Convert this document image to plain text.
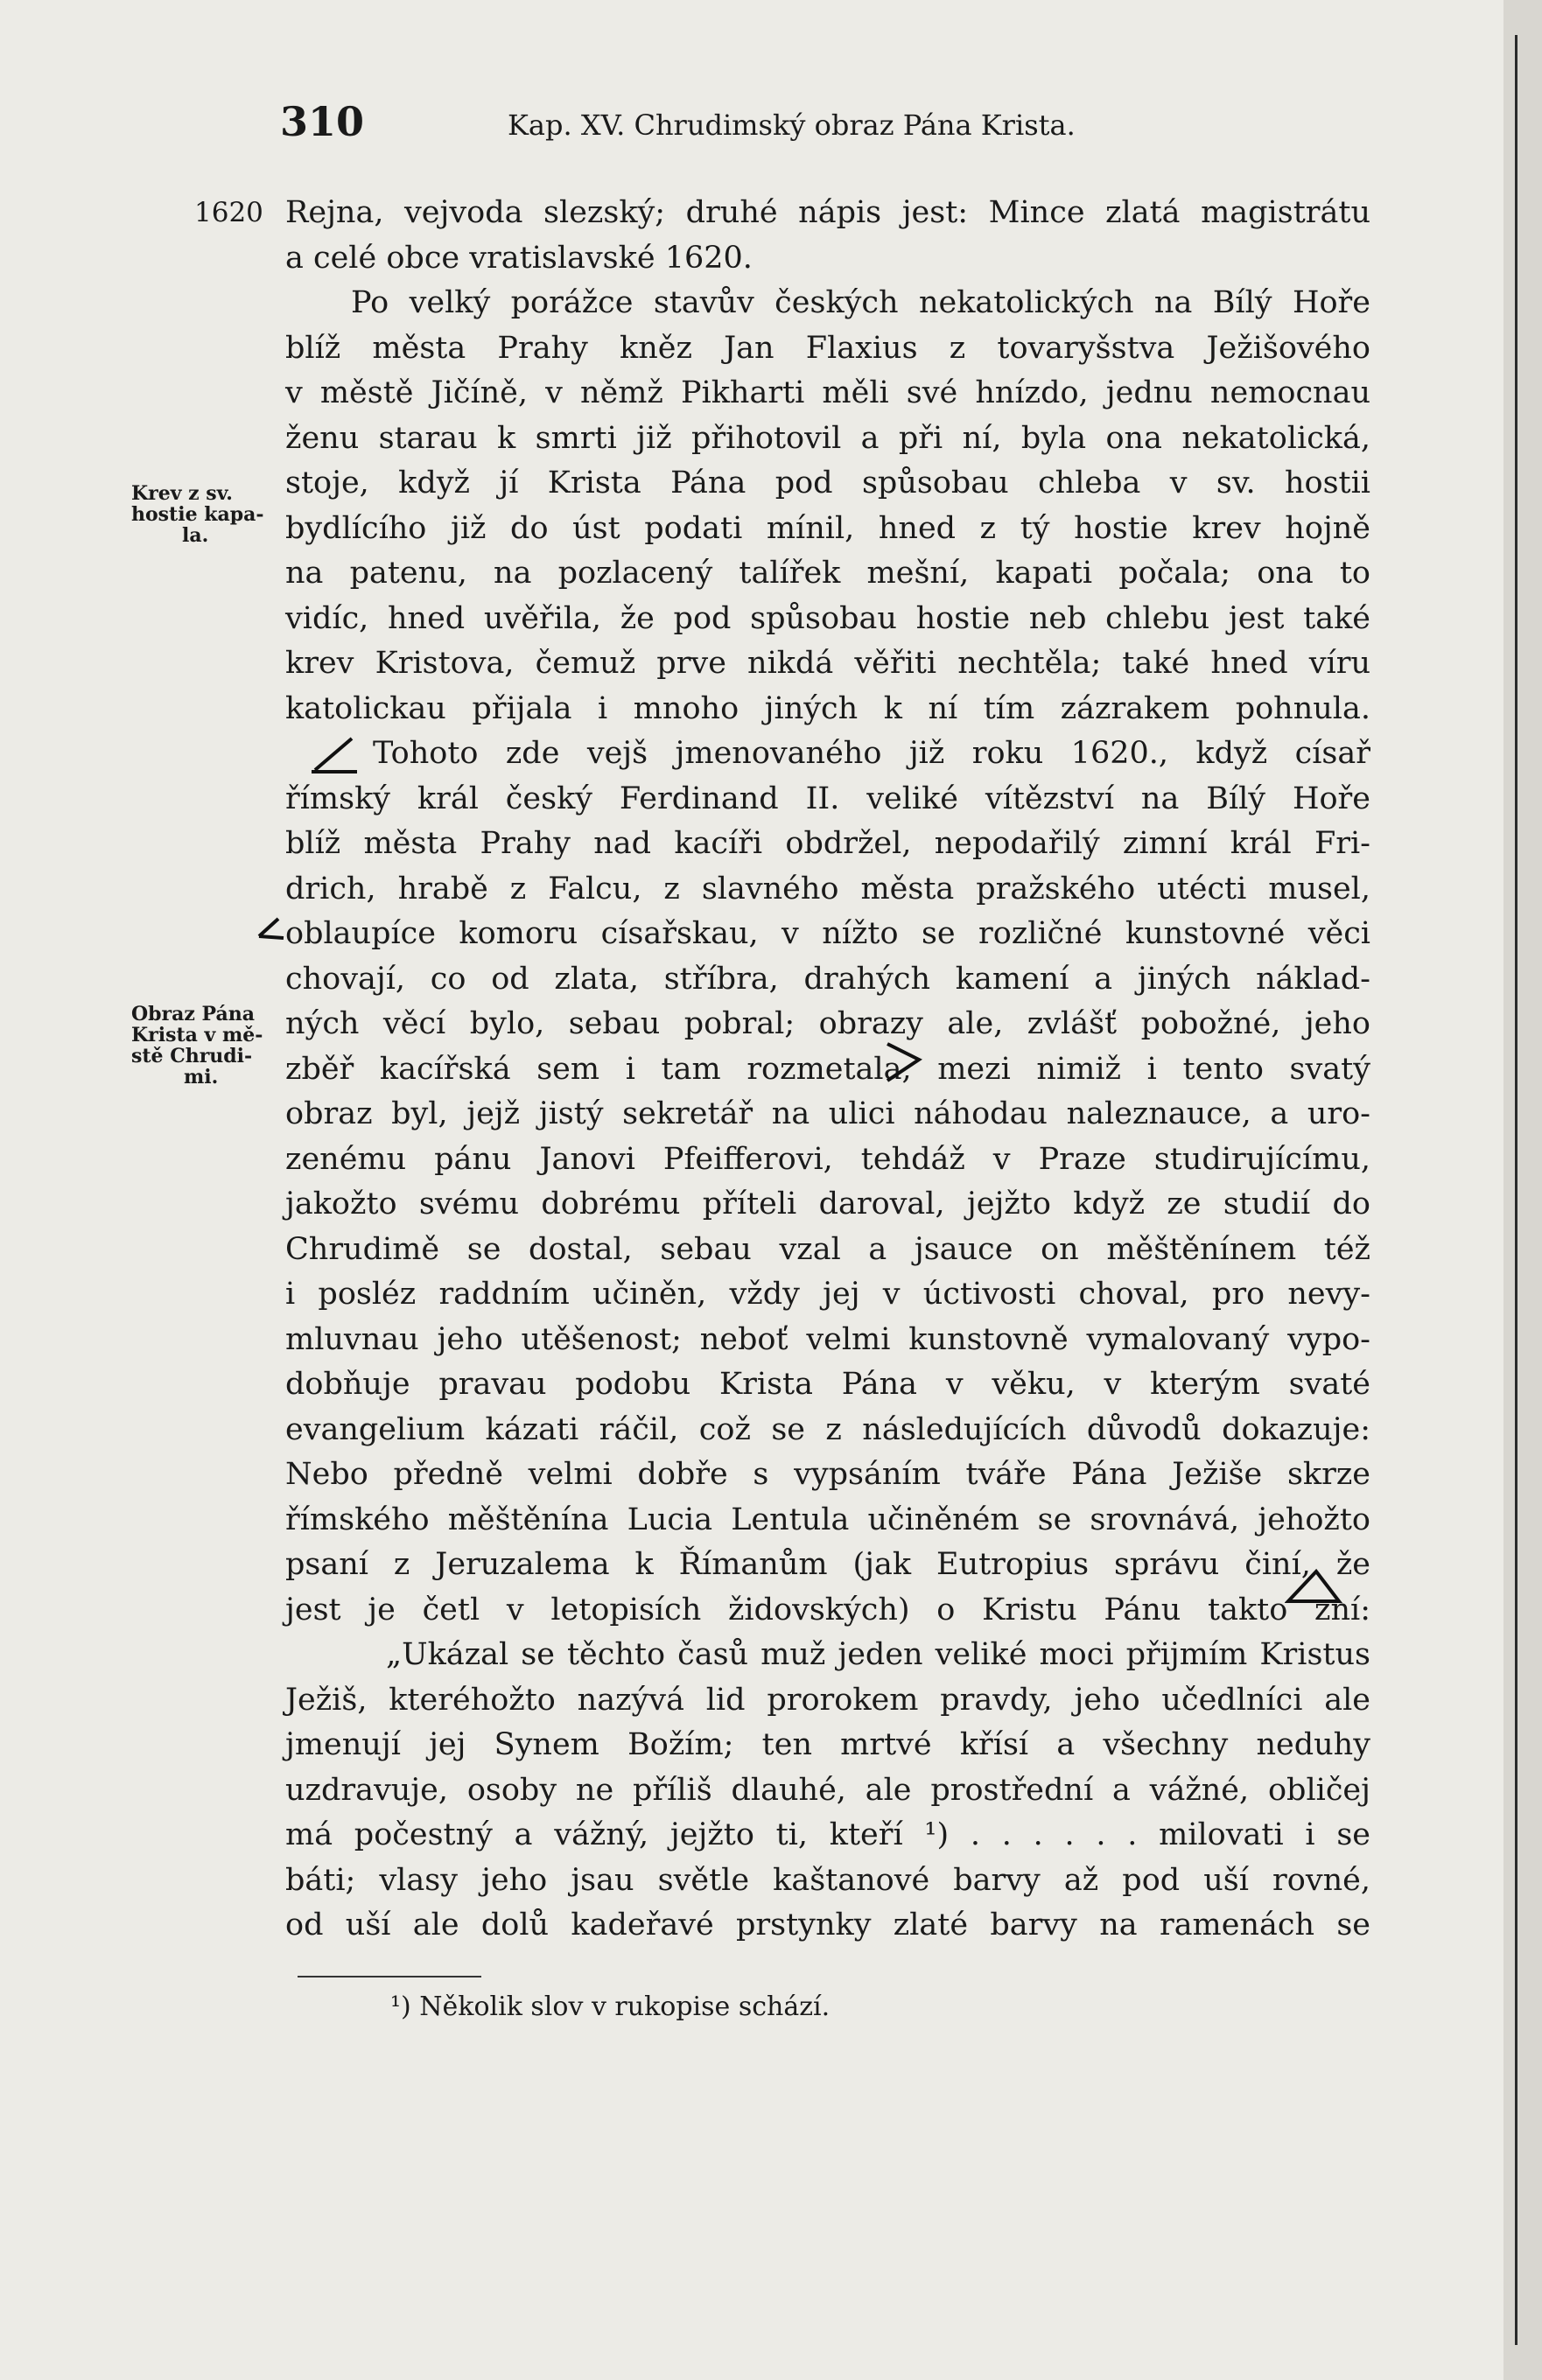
310	Kap. XV. Chrudimský obraz Pána Krista.
1620
Krev z sv.
hostie kapa-
la.
Obraz Pána
Krista v mě-
stě Chrudi-
mi.
Rejna, vejvoda slezský; druhé nápis jest: Mince zlatá magistrátu
a celé obce vratislavské 1620.
Po velký porážce stavův českých nekatolických na Bílý Hoře
blíž města Prahy kněz Jan Flaxius z tovaryšstva Ježišového
v městě Jičíně, v němž Pikharti měli své hnízdo, jednu nemocnau
ženu starau k smrti již přihotovil a při ní, byla ona nekatolická,
stoje, když jí Krista Pána pod spůsobau chleba v sv. hostii
bydlícího již do úst podati mínil, hned z tý hostie krev hojně
na patenu, na pozlacený talířek mešní, kapati počala; ona to
vidíc, hned uvěřila, že pod spůsobau hostie neb chlebu jest také
krev Kristova, čemuž prve nikdá věřiti nechtěla; také hned víru
katolickau přijala i mnoho jiných k ní tím zázrakem pohnula.
Tohoto zde vejš jmenovaného již roku 1620., když císař
římský král český Ferdinand II. veliké vítězství na Bílý Hoře
blíž města Prahy nad kacíři obdržel, nepodařilý zimní král Fri-
drich, hrabě z Falcu, z slavného města pražského utécti musel,
oblaupíce komoru císařskau, v nížto se rozličné kunstovné věci
chovají, co od zlata, stříbra, drahých kamení a jiných náklad-
ných věcí bylo, sebau pobral; obrazy ale, zvlášť pobožné, jeho
zběř kacířská sem i tam rozmetala, mezi nimiž i tento svatý
obraz byl, jejž jistý sekretář na ulici náhodau naleznauce, a uro-
zenému pánu Janovi Pfeifferovi, tehdáž v Praze studirujícímu,
jakožto svému dobrému příteli daroval, jejžto když ze studií do
Chrudimě se dostal, sebau vzal a jsauce on měštěnínem též
i posléz raddním učiněn, vždy jej v úctivosti choval, pro nevy-
mluvnau jeho utěšenost; neboť velmi kunstovně vymalovaný vypo-
dobňuje pravau podobu Krista Pána v věku, v kterým svaté
evangelium kázati ráčil, což se z následujících důvodů dokazuje:
Nebo předně velmi dobře s vypsáním tváře Pána Ježiše skrze
římského měštěnína Lucia Lentula učiněném se srovnává, jehožto
psaní z Jeruzalema k Římanům (jak Eutropius správu činí, že
jest je četl v letopisích židovských) o Kristu Pánu takto zní:
„Ukázal se těchto časů muž jeden veliké moci přijmím Kristus
Ježiš, kteréhožto nazývá lid prorokem pravdy, jeho učedlníci ale
jmenují jej Synem Božím; ten mrtvé křísí a všechny neduhy
uzdravuje, osoby ne příliš dlauhé, ale prostřední a vážné, obličej
má počestný a vážný, jejžto ti, kteří ¹) . . . . . . milovati i se
báti; vlasy jeho jsau světle kaštanové barvy až pod uší rovné,
od uší ale dolů kadeřavé prstynky zlaté barvy na ramenách se
¹) Několik slov v rukopise schází.
